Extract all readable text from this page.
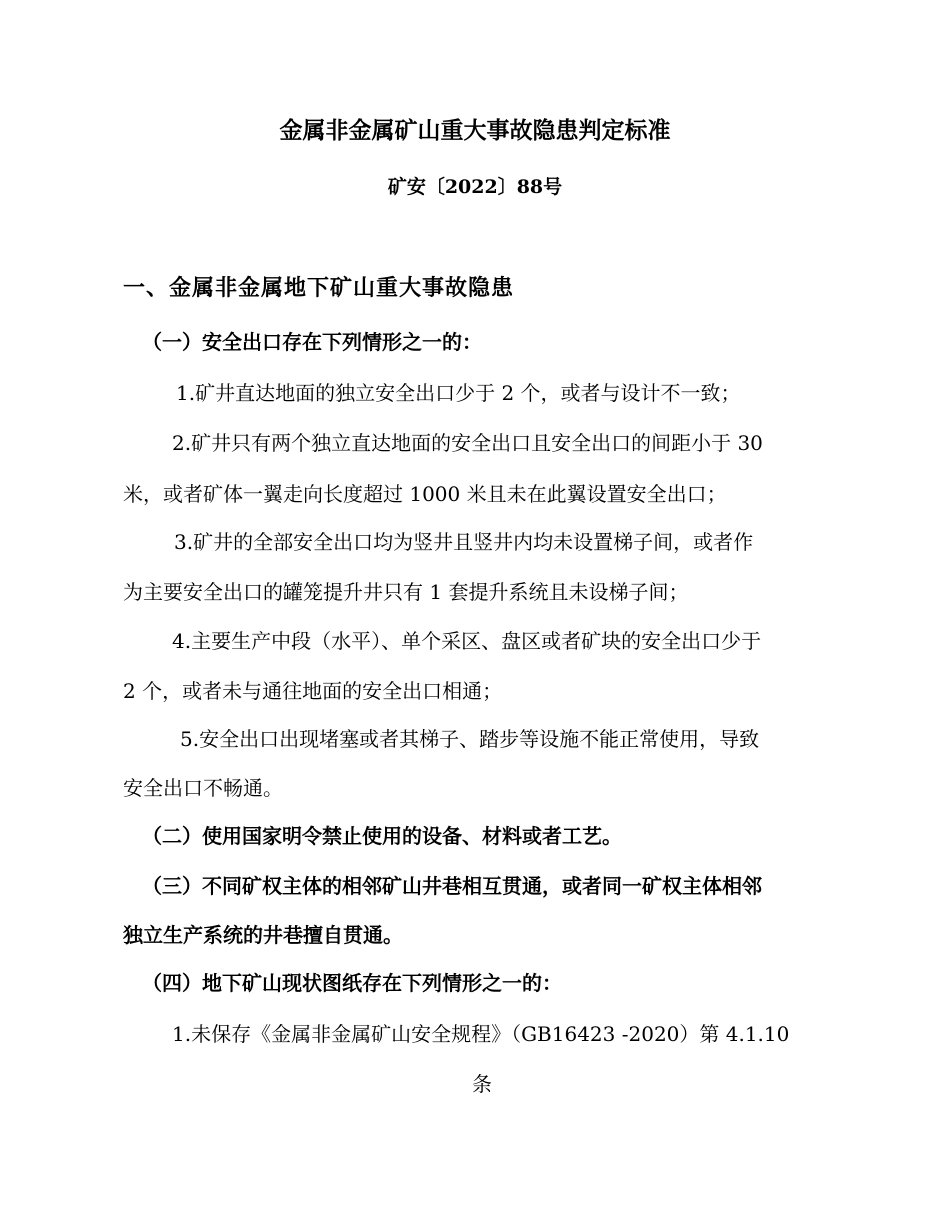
金属非金属矿山重大事故隐患判定标准
矿安〔2022〕88号
一、金属非金属地下矿山重大事故隐患
（一）安全出口存在下列情形之一的：
1.矿井直达地面的独立安全出口少于 2 个，或者与设计不一致；
2.矿井只有两个独立直达地面的安全出口且安全出口的间距小于 30
米，或者矿体一翼走向长度超过 1000 米且未在此翼设置安全出口；
3.矿井的全部安全出口均为竖井且竖井内均未设置梯子间，或者作
为主要安全出口的罐笼提升井只有 1 套提升系统且未设梯子间；
4.主要生产中段（水平）、单个采区、盘区或者矿块的安全出口少于
2 个，或者未与通往地面的安全出口相通；
5.安全出口出现堵塞或者其梯子、踏步等设施不能正常使用，导致
安全出口不畅通。
（二）使用国家明令禁止使用的设备、材料或者工艺。
（三）不同矿权主体的相邻矿山井巷相互贯通，或者同一矿权主体相邻
独立生产系统的井巷擅自贯通。
（四）地下矿山现状图纸存在下列情形之一的：
1.未保存《金属非金属矿山安全规程》（GB16423 -2020）第 4.1.10
条
